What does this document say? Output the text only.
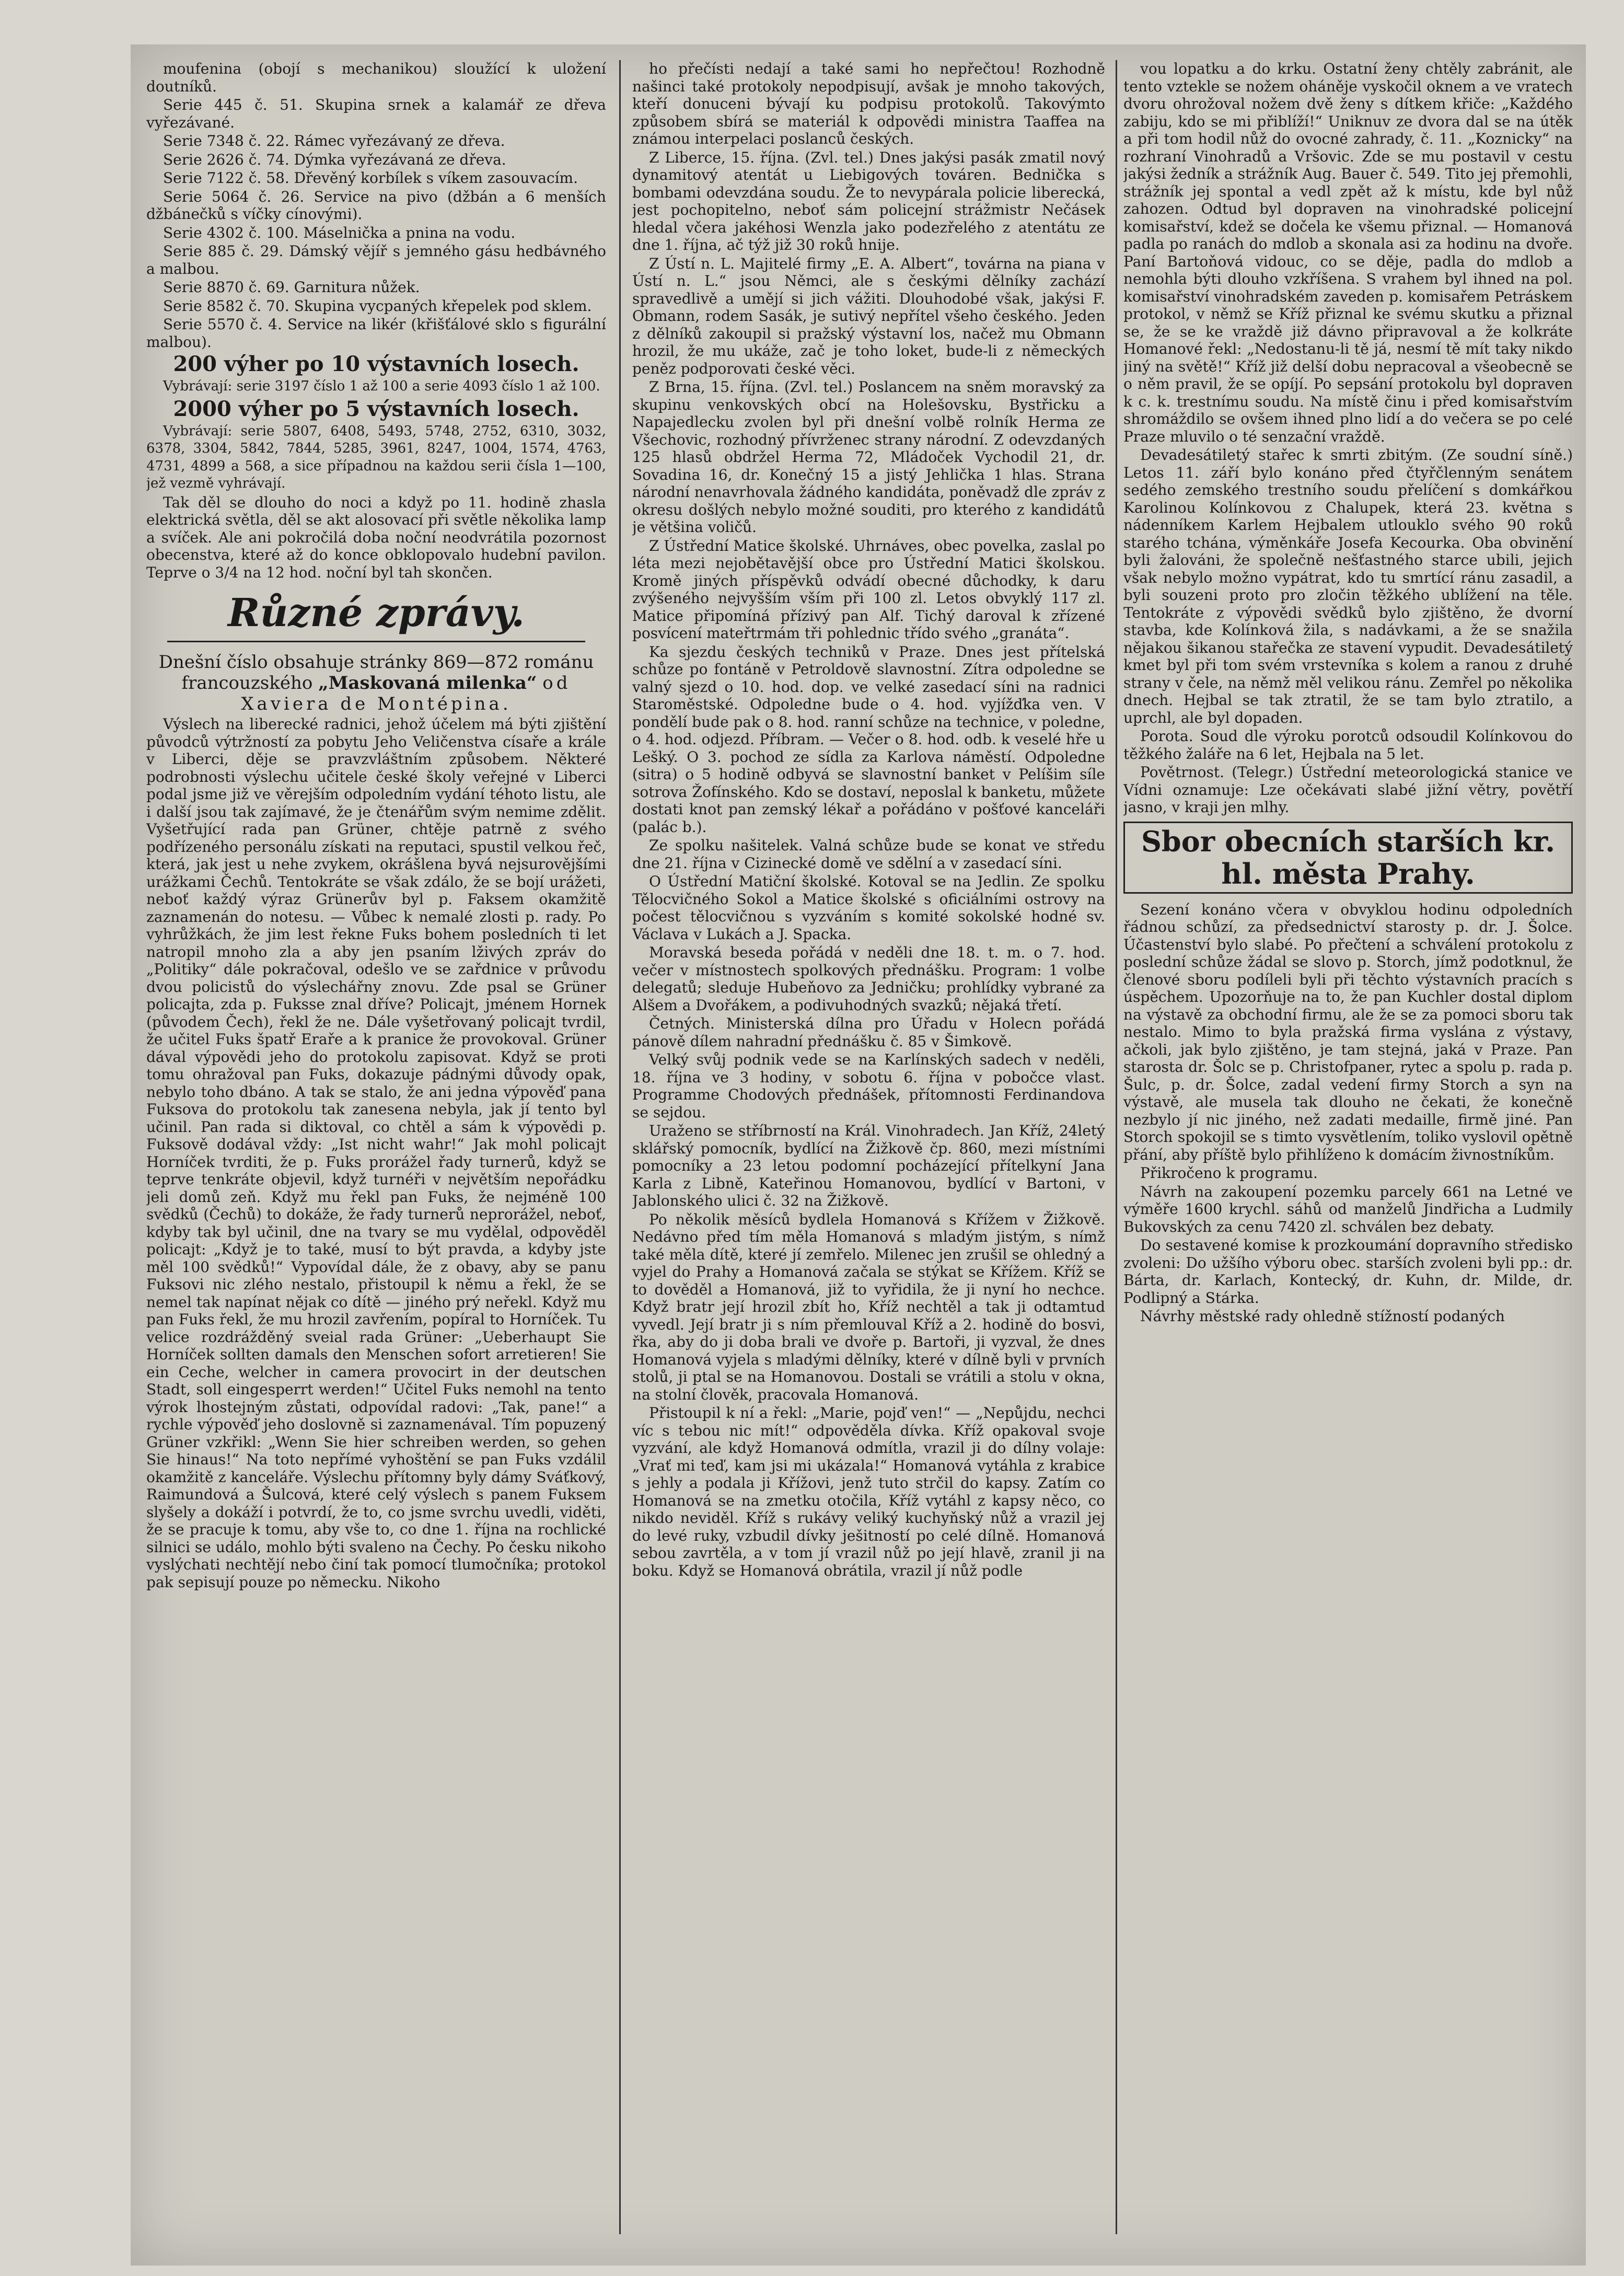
moufenina (obojí s mechanikou) sloužící k uložení doutníků.

Serie 445 č. 51. Skupina srnek a kalamář ze dřeva vyřezávané.

Serie 7348 č. 22. Rámec vyřezávaný ze dřeva.

Serie 2626 č. 74. Dýmka vyřezávaná ze dřeva.

Serie 7122 č. 58. Dřevěný korbílek s víkem zasouvacím.

Serie 5064 č. 26. Service na pivo (džbán a 6 menších džbánečků s víčky cínovými).

Serie 4302 č. 100. Máselnička a pnina na vodu.

Serie 885 č. 29. Dámský vějíř s jemného gásu hedbávného a malbou.

Serie 8870 č. 69. Garnitura nůžek.

Serie 8582 č. 70. Skupina vycpaných křepelek pod sklem.

Serie 5570 č. 4. Service na likér (křišťálové sklo s figurální malbou).

200 výher po 10 výstavních losech.

Vybrávají: serie 3197 číslo 1 až 100 a serie 4093 číslo 1 až 100.

2000 výher po 5 výstavních losech.

Vybrávají: serie 5807, 6408, 5493, 5748, 2752, 6310, 3032, 6378, 3304, 5842, 7844, 5285, 3961, 8247, 1004, 1574, 4763, 4731, 4899 a 568, a sice případnou na každou serii čísla 1—100, jež vezmě vyhrávají.

Tak děl se dlouho do noci a když po 11. hodině zhasla elektrická světla, děl se akt alosovací při světle několika lamp a svíček. Ale ani pokročilá doba noční neodvrátila pozornost obecenstva, které až do konce obklopovalo hudební pavilon. Teprve o 3/4 na 12 hod. noční byl tah skončen.

Různé zprávy.

Dnešní číslo obsahuje stránky 869—872 románu francouzského „Maskovaná milenka“ od Xaviera de Montépina.

Výslech na liberecké radnici, jehož účelem má býti zjištění původců výtržností za pobytu Jeho Veličenstva císaře a krále v Liberci, děje se pravzvláštním způsobem. Některé podrobnosti výslechu učitele české školy veřejné v Liberci podal jsme již ve věrejším odpoledním vydání téhoto listu, ale i další jsou tak zajímavé, že je čtenářům svým nemime zdělit. Vyšetřující rada pan Grüner, chtěje patrně z svého podřízeného personálu získati na reputaci, spustil velkou řeč, která, jak jest u nehe zvykem, okrášlena byvá nejsurovějšími urážkami Čechů. Tentokráte se však zdálo, že se bojí urážeti, neboť každý výraz Grünerův byl p. Faksem okamžitě zaznamenán do notesu. — Vůbec k nemalé zlosti p. rady. Po vyhrůžkách, že jim lest řekne Fuks bohem posledních ti let natropil mnoho zla a aby jen psaním lživých zpráv do „Politiky“ dále pokračoval, odešlo ve se zařdnice v průvodu dvou policistů do výslechářny znovu. Zde psal se Grüner policajta, zda p. Fuksse znal dříve? Policajt, jménem Hornek (původem Čech), řekl že ne. Dále vyšetřovaný policajt tvrdil, že učitel Fuks špatř Eraře a k pranice že provokoval. Grüner dával výpovědi jeho do protokolu zapisovat. Když se proti tomu ohražoval pan Fuks, dokazuje pádnými důvody opak, nebylo toho dbáno. A tak se stalo, že ani jedna výpověď pana Fuksova do protokolu tak zanesena nebyla, jak jí tento byl učinil. Pan rada si diktoval, co chtěl a sám k výpovědi p. Fuksově dodával vždy: „Ist nicht wahr!“ Jak mohl policajt Horníček tvrditi, že p. Fuks prorážel řady turnerů, když se teprve tenkráte objevil, když turnéři v největším nepořádku jeli domů zeň. Když mu řekl pan Fuks, že nejméně 100 svědků (Čechů) to dokáže, že řady turnerů neprorážel, neboť, kdyby tak byl učinil, dne na tvary se mu vydělal, odpověděl policajt: „Když je to také, musí to být pravda, a kdyby jste měl 100 svědků!“ Vypovídal dále, že z obavy, aby se panu Fuksovi nic zlého nestalo, přistoupil k němu a řekl, že se nemel tak napínat nějak co dítě — jiného prý neřekl. Když mu pan Fuks řekl, že mu hrozil zavřením, popíral to Horníček. Tu velice rozdrážděný sveial rada Grüner: „Ueberhaupt Sie Horníček sollten damals den Menschen sofort arretieren! Sie ein Ceche, welcher in camera provocirt in der deutschen Stadt, soll eingesperrt werden!“ Učitel Fuks nemohl na tento výrok lhostejným zůstati, odpovídal radovi: „Tak, pane!“ a rychle výpověď jeho doslovně si zaznamenával. Tím popuzený Grüner vzkřikl: „Wenn Sie hier schreiben werden, so gehen Sie hinaus!“ Na toto nepřímé vyhoštění se pan Fuks vzdálil okamžitě z kanceláře. Výslechu přítomny byly dámy Sváťkový, Raimundová a Šulcová, které celý výslech s panem Fuksem slyšely a dokáží i potvrdí, že to, co jsme svrchu uvedli, viděti, že se pracuje k tomu, aby vše to, co dne 1. října na rochlické silnici se událo, mohlo býti svaleno na Čechy. Po česku nikoho vyslýchati nechtějí nebo činí tak pomocí tlumočníka; protokol pak sepisují pouze po německu. Nikoho

ho přečísti nedají a také sami ho nepřečtou! Rozhodně našinci také protokoly nepodpisují, avšak je mnoho takových, kteří donuceni bývají ku podpisu protokolů. Takovýmto způsobem sbírá se materiál k odpovědi ministra Taaffea na známou interpelaci poslanců českých.

Z Liberce, 15. října. (Zvl. tel.) Dnes jakýsi pasák zmatil nový dynamitový atentát u Liebigových továren. Bednička s bombami odevzdána soudu. Že to nevypárala policie liberecká, jest pochopitelno, neboť sám policejní strážmistr Nečásek hledal včera jakéhosi Wenzla jako podezřelého z atentátu ze dne 1. října, ač týž již 30 roků hnije.

Z Ústí n. L. Majitelé firmy „E. A. Albert“, továrna na piana v Ústí n. L.“ jsou Němci, ale s českými dělníky zachází spravedlivě a umějí si jich vážiti. Dlouhodobé však, jakýsi F. Obmann, rodem Sasák, je sutivý nepřítel všeho českého. Jeden z dělníků zakoupil si pražský výstavní los, načež mu Obmann hrozil, že mu ukáže, zač je toho loket, bude-li z německých peněz podporovati české věci.

Z Brna, 15. října. (Zvl. tel.) Poslancem na sněm moravský za skupinu venkovských obcí na Holešovsku, Bystřicku a Napajedlecku zvolen byl při dnešní volbě rolník Herma ze Všechovic, rozhodný přívrženec strany národní. Z odevzdaných 125 hlasů obdržel Herma 72, Mládoček Vychodil 21, dr. Sovadina 16, dr. Konečný 15 a jistý Jehlička 1 hlas. Strana národní nenavrhovala žádného kandidáta, poněvadž dle zpráv z okresu došlých nebylo možné souditi, pro kterého z kandidátů je většina voličů.

Z Ústřední Matice školské. Uhrnáves, obec povelka, zaslal po léta mezi nejobětavější obce pro Ústřední Matici školskou. Kromě jiných příspěvků odvádí obecné důchodky, k daru zvýšeného nejvyšším vším při 100 zl. Letos obvyklý 117 zl. Matice připomíná přízivý pan Alf. Tichý daroval k zřízené posvícení mateřtrmám tři pohlednic třído svého „granáta“.

Ka sjezdu českých techniků v Praze. Dnes jest přítelská schůze po fontáně v Petroldově slavnostní. Zítra odpoledne se valný sjezd o 10. hod. dop. ve velké zasedací síni na radnici Staroměstské. Odpoledne bude o 4. hod. vyjížďka ven. V pondělí bude pak o 8. hod. ranní schůze na technice, v poledne, o 4. hod. odjezd. Příbram. — Večer o 8. hod. odb. k veselé hře u Lešký. O 3. pochod ze sídla za Karlova náměstí. Odpoledne (sitra) o 5 hodině odbyvá se slavnostní banket v Pelíšim síle sotrova Žofínského. Kdo se dostaví, neposlal k banketu, můžete dostati knot pan zemský lékař a pořádáno v pošťové kanceláři (palác b.).

Ze spolku našitelek. Valná schůze bude se konat ve středu dne 21. října v Cizinecké domě ve sdělní a v zasedací síni.

O Ústřední Matiční školské. Kotoval se na Jedlin. Ze spolku Tělocvičného Sokol a Matice školské s oficiálními ostrovy na počest tělocvičnou s vyzváním s komité sokolské hodné sv. Václava v Lukách a J. Spacka.

Moravská beseda pořádá v neděli dne 18. t. m. o 7. hod. večer v místnostech spolkových přednášku. Program: 1 volbe delegatů; sleduje Hubeňovo za Jedničku; prohlídky vybrané za Alšem a Dvořákem, a podivuhodných svazků; nějaká třetí.

Četných. Ministerská dílna pro Úřadu v Holecn pořádá pánově dílem nahradní přednášku č. 85 v Šimkově.

Velký svůj podnik vede se na Karlínských sadech v neděli, 18. října ve 3 hodiny, v sobotu 6. října v pobočce vlast. Programme Chodových přednášek, přítomnosti Ferdinandova se sejdou.

Uraženo se stříbrností na Král. Vinohradech. Jan Kříž, 24letý sklářský pomocník, bydlící na Žižkově čp. 860, mezi místními pomocníky a 23 letou podomní pocházející přítelkyní Jana Karla z Libně, Kateřinou Homanovou, bydlící v Bartoni, v Jablonského ulici č. 32 na Žižkově.

Po několik měsíců bydlela Homanová s Křížem v Žižkově. Nedávno před tím měla Homanová s mladým jistým, s nímž také měla dítě, které jí zemřelo. Milenec jen zrušil se ohledný a vyjel do Prahy a Homanová začala se stýkat se Křížem. Kříž se to dověděl a Homanová, již to vyřidila, že ji nyní ho nechce. Když bratr její hrozil zbít ho, Kříž nechtěl a tak ji odtamtud vyvedl. Její bratr ji s ním přemlouval Kříž a 2. hodině do bosvi, řka, aby do ji doba brali ve dvoře p. Bartoři, ji vyzval, že dnes Homanová vyjela s mladými dělníky, které v dílně byli v prvních stolů, ji ptal se na Homanovou. Dostali se vrátili a stolu v okna, na stolní člověk, pracovala Homanová.

Přistoupil k ní a řekl: „Marie, pojď ven!“ — „Nepůjdu, nechci víc s tebou nic mít!“ odpověděla dívka. Kříž opakoval svoje vyzvání, ale když Homanová odmítla, vrazil ji do dílny volaje: „Vrať mi teď, kam jsi mi ukázala!“ Homanová vytáhla z krabice s jehly a podala ji Křížovi, jenž tuto strčil do kapsy. Zatím co Homanová se na zmetku otočila, Kříž vytáhl z kapsy něco, co nikdo neviděl. Kříž s rukávy veliký kuchyňský nůž a vrazil jej do levé ruky, vzbudil dívky ješitností po celé dílně. Homanová sebou zavrtěla, a v tom jí vrazil nůž po její hlavě, zranil ji na boku. Když se Homanová obrátila, vrazil jí nůž podle

vou lopatku a do krku. Ostatní ženy chtěly zabránit, ale tento vztekle se nožem oháněje vyskočil oknem a ve vratech dvoru ohrožoval nožem dvě ženy s dítkem křiče: „Každého zabiju, kdo se mi přiblíží!“ Uniknuv ze dvora dal se na útěk a při tom hodil nůž do ovocné zahrady, č. 11. „Koznicky“ na rozhraní Vinohradů a Vršovic. Zde se mu postavil v cestu jakýsi žedník a strážník Aug. Bauer č. 549. Tito jej přemohli, strážník jej spontal a vedl zpět až k místu, kde byl nůž zahozen. Odtud byl dopraven na vinohradské policejní komisařství, kdež se dočela ke všemu přiznal. — Homanová padla po ranách do mdlob a skonala asi za hodinu na dvoře. Paní Bartoňová vidouc, co se děje, padla do mdlob a nemohla býti dlouho vzkříšena. S vrahem byl ihned na pol. komisařství vinohradském zaveden p. komisařem Petráskem protokol, v němž se Kříž přiznal ke svému skutku a přiznal se, že se ke vraždě již dávno připravoval a že kolkráte Homanové řekl: „Nedostanu-li tě já, nesmí tě mít taky nikdo jiný na světě!“ Kříž již delší dobu nepracoval a všeobecně se o něm pravil, že se opíjí. Po sepsání protokolu byl dopraven k c. k. trestnímu soudu. Na místě činu i před komisařstvím shromáždilo se ovšem ihned plno lidí a do večera se po celé Praze mluvilo o té senzační vraždě.

Devadesátiletý stařec k smrti zbitým. (Ze soudní síně.) Letos 11. září bylo konáno před čtyřčlenným senátem sedého zemského trestního soudu přelíčení s domkářkou Karolinou Kolínkovou z Chalupek, která 23. května s nádenníkem Karlem Hejbalem utlouklo svého 90 roků starého tchána, výměnkáře Josefa Kecourka. Oba obvinění byli žalováni, že společně nešťastného starce ubili, jejich však nebylo možno vypátrat, kdo tu smrtící ránu zasadil, a byli souzeni proto pro zločin těžkého ublížení na těle. Tentokráte z výpovědi svědků bylo zjištěno, že dvorní stavba, kde Kolínková žila, s nadávkami, a že se snažila nějakou šikanou stařečka ze stavení vypudit. Devadesátiletý kmet byl při tom svém vrstevníka s kolem a ranou z druhé strany v čele, na němž měl velikou ránu. Zemřel po několika dnech. Hejbal se tak ztratil, že se tam bylo ztratilo, a uprchl, ale byl dopaden.

Porota. Soud dle výroku porotců odsoudil Kolínkovou do těžkého žaláře na 6 let, Hejbala na 5 let.

Povětrnost. (Telegr.) Ústřední meteorologická stanice ve Vídni oznamuje: Lze očekávati slabé jižní větry, povětří jasno, v kraji jen mlhy.

Sbor obecních starších kr. hl. města Prahy.

Sezení konáno včera v obvyklou hodinu odpoledních řádnou schůzí, za předsednictví starosty p. dr. J. Šolce. Účastenství bylo slabé. Po přečtení a schválení protokolu z poslední schůze žádal se slovo p. Storch, jímž podotknul, že členové sboru podíleli byli při těchto výstavních pracích s úspěchem. Upozorňuje na to, že pan Kuchler dostal diplom na výstavě za obchodní firmu, ale že se za pomoci sboru tak nestalo. Mimo to byla pražská firma vyslána z výstavy, ačkoli, jak bylo zjištěno, je tam stejná, jaká v Praze. Pan starosta dr. Šolc se p. Christofpaner, rytec a spolu p. rada p. Šulc, p. dr. Šolce, zadal vedení firmy Storch a syn na výstavě, ale musela tak dlouho ne čekati, že konečně nezbylo jí nic jiného, než zadati medaille, firmě jiné. Pan Storch spokojil se s timto vysvětlením, toliko vyslovil opětně přání, aby příště bylo přihlíženo k domácím živnostníkům.

Přikročeno k programu.

Návrh na zakoupení pozemku parcely 661 na Letné ve výměře 1600 krychl. sáhů od manželů Jindřicha a Ludmily Bukovských za cenu 7420 zl. schválen bez debaty.

Do sestavené komise k prozkoumání dopravního středisko zvoleni: Do užšího výboru obec. starších zvoleni byli pp.: dr. Bárta, dr. Karlach, Kontecký, dr. Kuhn, dr. Milde, dr. Podlipný a Stárka.

Návrhy městské rady ohledně stížností podaných
